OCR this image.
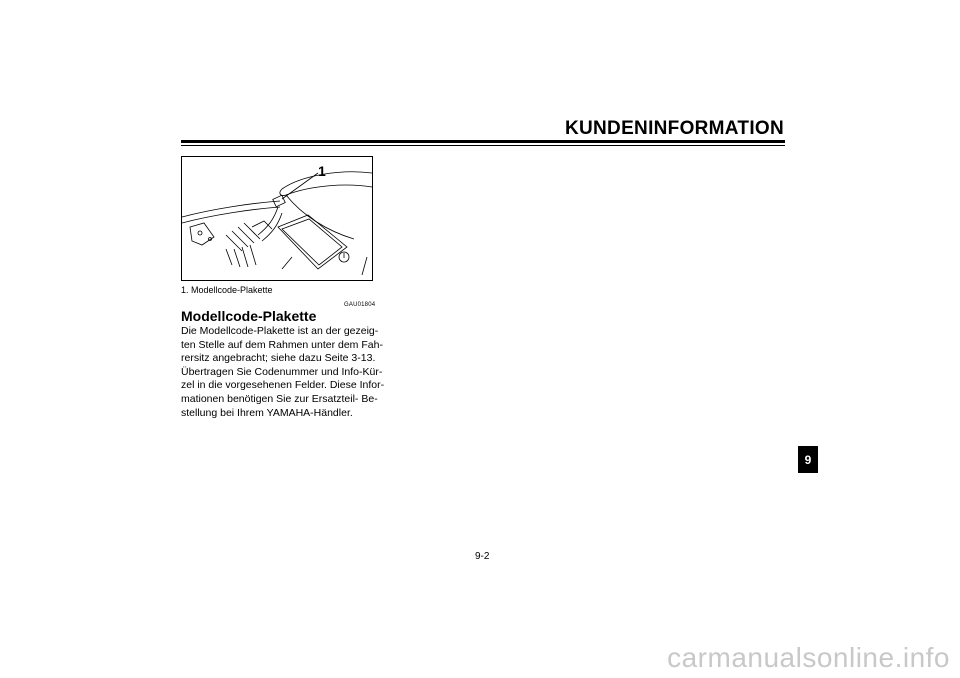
KUNDENINFORMATION
1
1. Modellcode-Plakette
GAU01804
Modellcode-Plakette
Die Modellcode-Plakette ist an der gezeig-
ten Stelle auf dem Rahmen unter dem Fah-
rersitz angebracht; siehe dazu Seite 3-13.
Übertragen Sie Codenummer und Info-Kür-
zel in die vorgesehenen Felder. Diese Infor-
mationen benötigen Sie zur Ersatzteil- Be-
stellung bei Ihrem YAMAHA-Händler.
9
9-2
carmanualsonline.info
